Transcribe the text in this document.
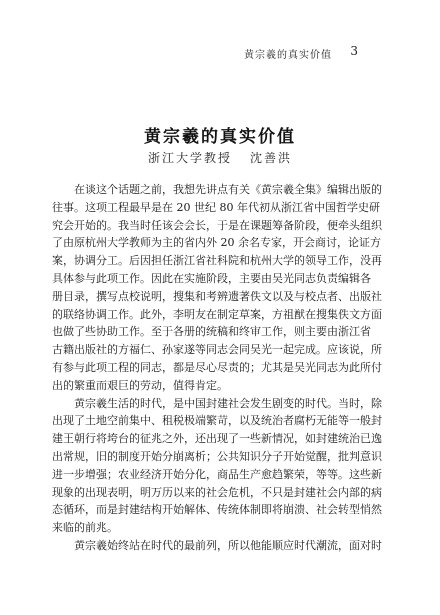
黄宗羲的真实价值 3
黄宗羲的真实价值
浙江大学教授 沈善洪
在谈这个话题之前，我想先讲点有关《黄宗羲全集》编辑出版的
往事。这项工程最早是在 20 世纪 80 年代初从浙江省中国哲学史研
究会开始的。我当时任该会会长，于是在课题筹备阶段，便牵头组织
了由原杭州大学教师为主的省内外 20 余名专家，开会商讨，论证方
案，协调分工。后因担任浙江省社科院和杭州大学的领导工作，没再
具体参与此项工作。因此在实施阶段，主要由吴光同志负责编辑各
册目录，撰写点校说明，搜集和考辨遗著佚文以及与校点者、出版社
的联络协调工作。此外，李明友在制定草案，方祖猷在搜集佚文方面
也做了些协助工作。至于各册的统稿和终审工作，则主要由浙江省
古籍出版社的方福仁、孙家遂等同志会同吴光一起完成。应该说，所
有参与此项工程的同志，都是尽心尽责的；尤其是吴光同志为此所付
出的繁重而艰巨的劳动，值得肯定。
黄宗羲生活的时代，是中国封建社会发生剧变的时代。当时，除
出现了土地空前集中、租税极端繁苛，以及统治者腐朽无能等一般封
建王朝行将垮台的征兆之外，还出现了一些新情况，如封建统治已逸
出常规，旧的制度开始分崩离析；公共知识分子开始觉醒，批判意识
进一步增强；农业经济开始分化，商品生产愈趋繁荣，等等。这些新
现象的出现表明，明万历以来的社会危机，不只是封建社会内部的病
态循环，而是封建结构开始解体、传统体制即将崩溃、社会转型悄然
来临的前兆。
黄宗羲始终站在时代的最前列，所以他能顺应时代潮流，面对时
